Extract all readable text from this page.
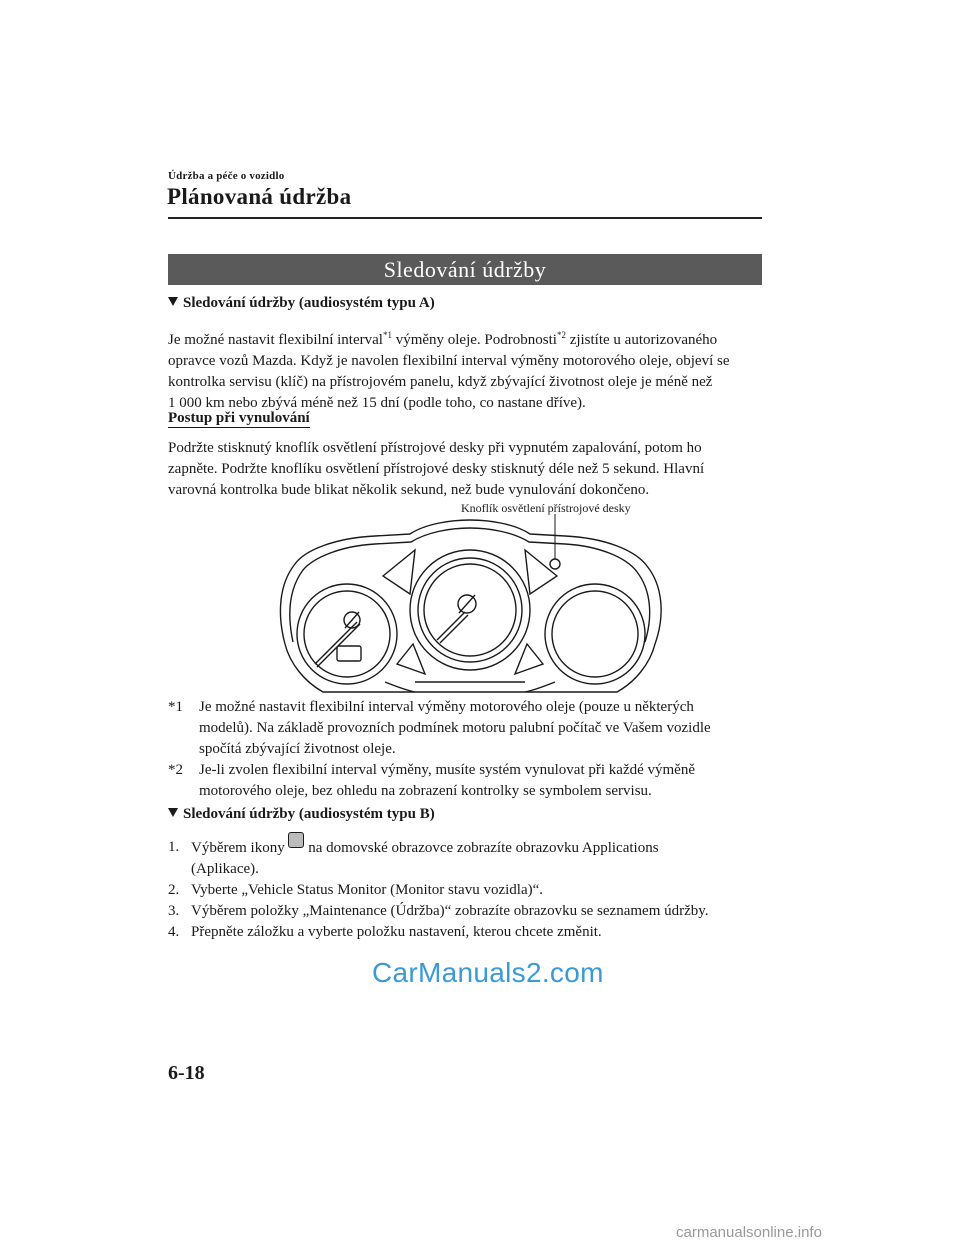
Údržba a péče o vozidlo
Plánovaná údržba
Sledování údržby
Sledování údržby (audiosystém typu A)

Je možné nastavit flexibilní interval$^{*1}$ výměny oleje. Podrobnosti$^{*2}$ zjistíte u autorizovaného

opravce vozů Mazda. Když je navolen flexibilní interval výměny motorového oleje, objeví se

kontrolka servisu (klíč) na přístrojovém panelu, když zbývající životnost oleje je méně než

1 000 km nebo zbývá méně než 15 dní (podle toho, co nastane dříve).

Postup při vynulování

Podržte stisknutý knoflík osvětlení přístrojové desky při vypnutém zapalování, potom ho

zapněte. Podržte knoflíku osvětlení přístrojové desky stisknutý déle než 5 sekund. Hlavní

varovná kontrolka bude blikat několik sekund, než bude vynulování dokončeno.

Knoflík osvětlení přístrojové desky
*1 Je možné nastavit flexibilní interval výměny motorového oleje (pouze u některých
modelů). Na základě provozních podmínek motoru palubní počítač ve Vašem vozidle
spočítá zbývající životnost oleje.
*2 Je-li zvolen flexibilní interval výměny, musíte systém vynulovat při každé výměně
motorového oleje, bez ohledu na zobrazení kontrolky se symbolem servisu.
Sledování údržby (audiosystém typu B)
1. Výběrem ikony  na domovské obrazovce zobrazíte obrazovku Applications
(Aplikace).
2. Vyberte „Vehicle Status Monitor (Monitor stavu vozidla)“.
3. Výběrem položky „Maintenance (Údržba)“ zobrazíte obrazovku se seznamem údržby.
4. Přepněte záložku a vyberte položku nastavení, kterou chcete změnit.
CarManuals2.com
6-18
carmanualsonline.info
